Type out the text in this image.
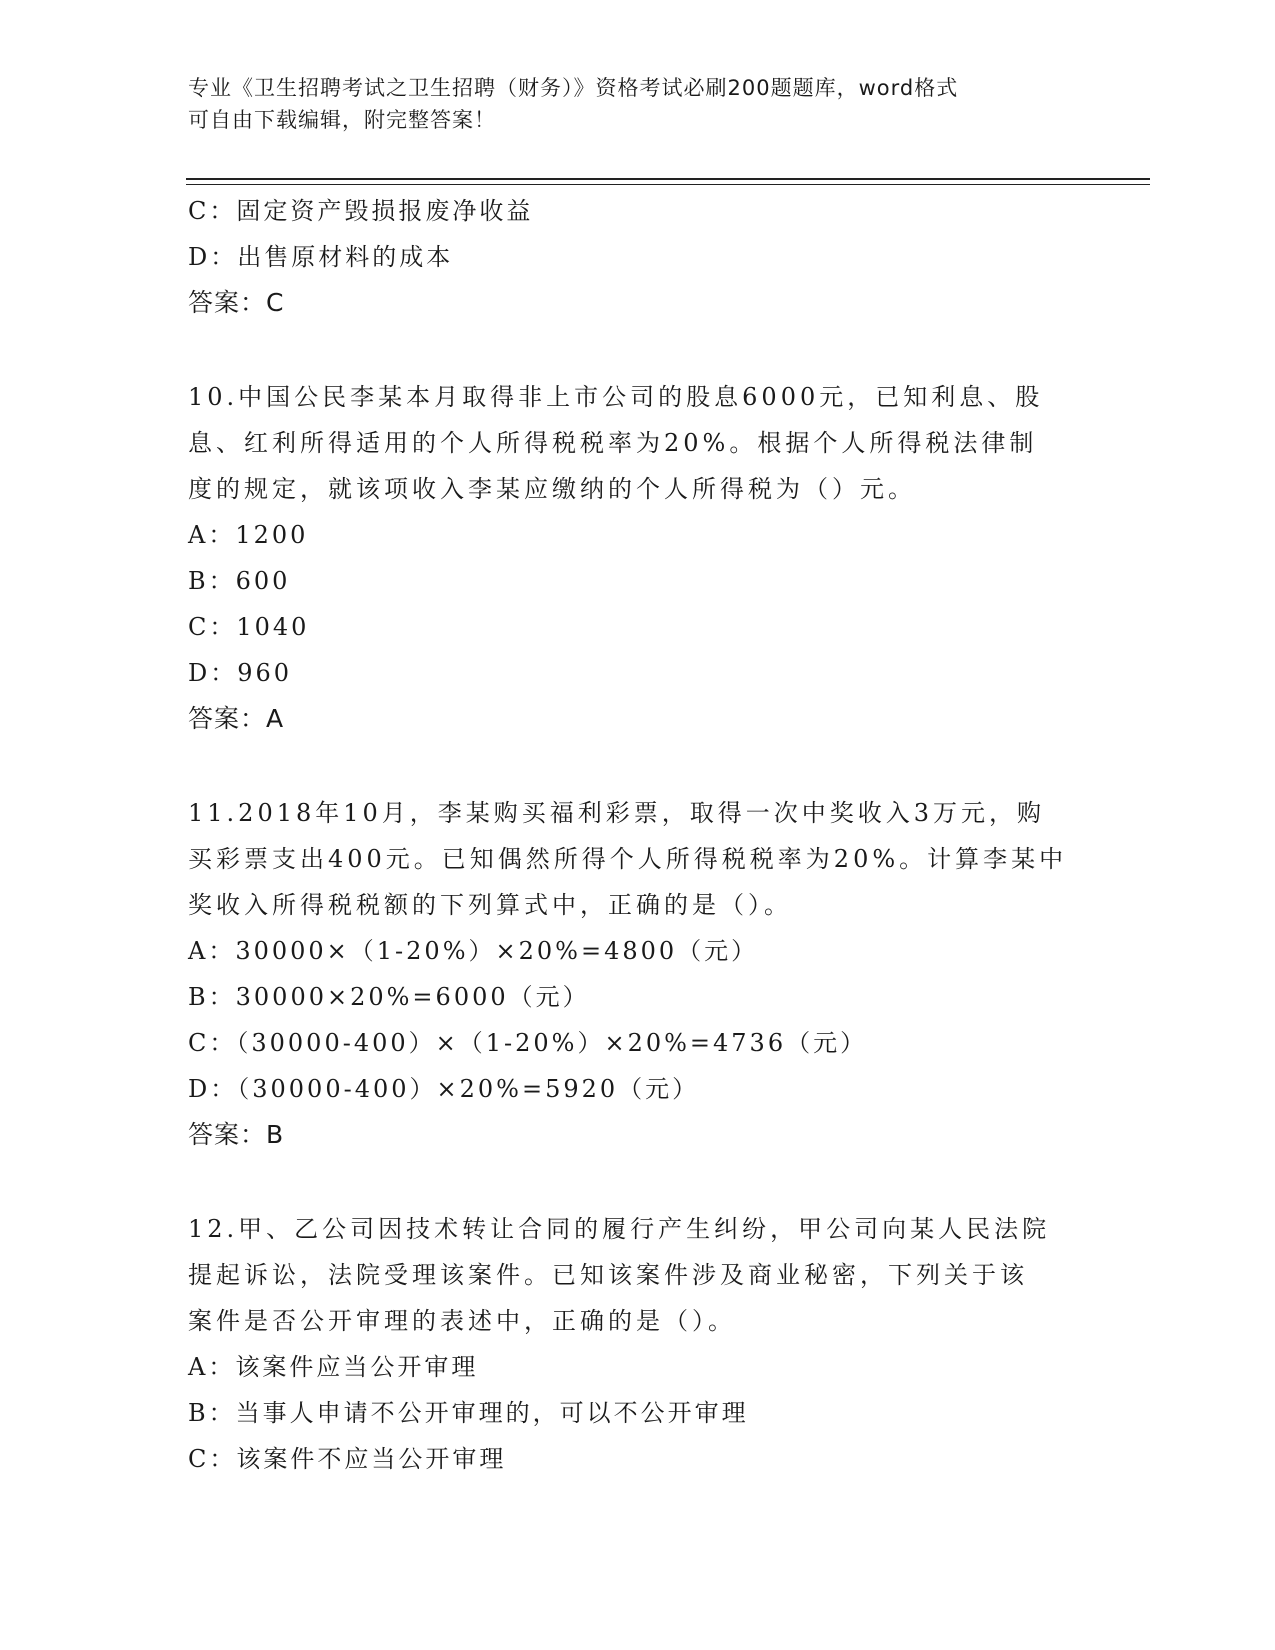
专业《卫生招聘考试之卫生招聘（财务）》资格考试必刷200题题库，word格式
可自由下载编辑，附完整答案！
C：固定资产毁损报废净收益
D：出售原材料的成本
答案：C
10.中国公民李某本月取得非上市公司的股息6000元，已知利息、股
息、红利所得适用的个人所得税税率为20%。根据个人所得税法律制
度的规定，就该项收入李某应缴纳的个人所得税为（）元。
A：1200
B：600
C：1040
D：960
答案：A
11.2018年10月，李某购买福利彩票，取得一次中奖收入3万元，购
买彩票支出400元。已知偶然所得个人所得税税率为20%。计算李某中
奖收入所得税税额的下列算式中，正确的是（）。
A：30000×（1-20%）×20%=4800（元）
B：30000×20%=6000（元）
C：（30000-400）×（1-20%）×20%=4736（元）
D：（30000-400）×20%=5920（元）
答案：B
12.甲、乙公司因技术转让合同的履行产生纠纷，甲公司向某人民法院
提起诉讼，法院受理该案件。已知该案件涉及商业秘密，下列关于该
案件是否公开审理的表述中，正确的是（）。
A：该案件应当公开审理
B：当事人申请不公开审理的，可以不公开审理
C：该案件不应当公开审理
